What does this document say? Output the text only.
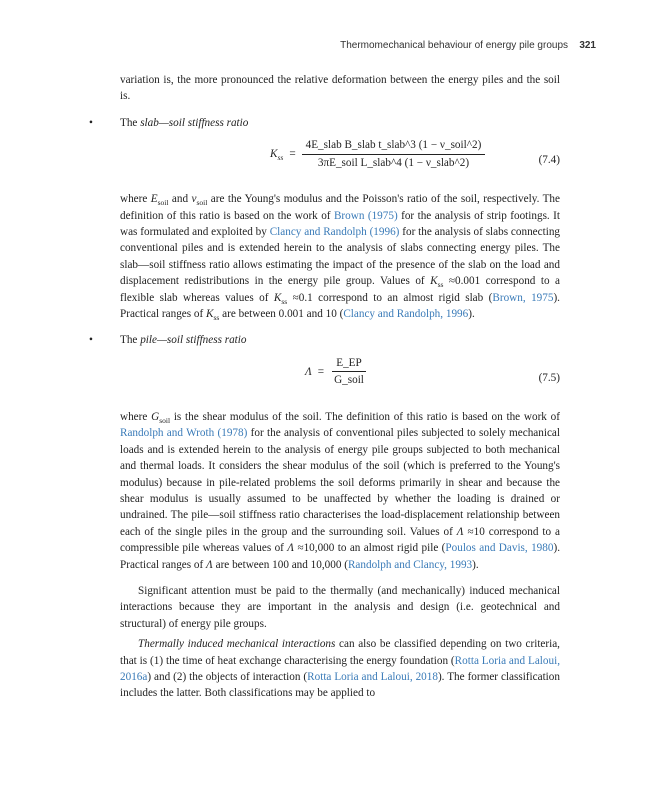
Thermomechanical behaviour of energy pile groups 321

variation is, the more pronounced the relative deformation between the energy piles and the soil is.

• The slab—soil stiffness ratio

$K_{ss} = \frac{\text{4E\_slab B\_slab t\_slab\textasciicircum{}3 (1 − ν\_soil\textasciicircum{}2)}}{\text{3πE\_soil L\_slab\textasciicircum{}4 (1 − ν\_slab\textasciicircum{}2)}}$	(7.4)

where $E_{soil}$ and $\nu_{soil}$ are the Young's modulus and the Poisson's ratio of the soil, respectively. The definition of this ratio is based on the work of Brown (1975) for the analysis of strip footings. It was formulated and exploited by Clancy and Randolph (1996) for the analysis of slabs connecting conventional piles and is extended herein to the analysis of slabs connecting energy piles. The slab—soil stiffness ratio allows estimating the impact of the presence of the slab on the load and displacement redistributions in the energy pile group. Values of $K_{ss} \approx 0.001$ correspond to a flexible slab whereas values of $K_{ss} \approx 0.1$ correspond to an almost rigid slab (Brown, 1975). Practical ranges of $K_{ss}$ are between 0.001 and 10 (Clancy and Randolph, 1996).

• The pile—soil stiffness ratio

$\Lambda = \frac{E\_EP}{\text{G\_soil}}$	(7.5)

where $G_{soil}$ is the shear modulus of the soil. The definition of this ratio is based on the work of Randolph and Wroth (1978) for the analysis of conventional piles subjected to solely mechanical loads and is extended herein to the analysis of energy pile groups subjected to both mechanical and thermal loads. It considers the shear modulus of the soil (which is preferred to the Young's modulus) because in pile-related problems the soil deforms primarily in shear and because the shear modulus is usually assumed to be unaffected by whether the loading is drained or undrained. The pile—soil stiffness ratio characterises the load-displacement relationship between each of the single piles in the group and the surrounding soil. Values of Λ ≈10 correspond to a compressible pile whereas values of Λ ≈10,000 to an almost rigid pile (Poulos and Davis, 1980). Practical ranges of Λ are between 100 and 10,000 (Randolph and Clancy, 1993).

Significant attention must be paid to the thermally (and mechanically) induced mechanical interactions because they are important in the analysis and design (i.e. geotechnical and structural) of energy pile groups.

Thermally induced mechanical interactions can also be classified depending on two criteria, that is (1) the time of heat exchange characterising the energy foundation (Rotta Loria and Laloui, 2016a) and (2) the objects of interaction (Rotta Loria and Laloui, 2018). The former classification includes the latter. Both classifications may be applied to
